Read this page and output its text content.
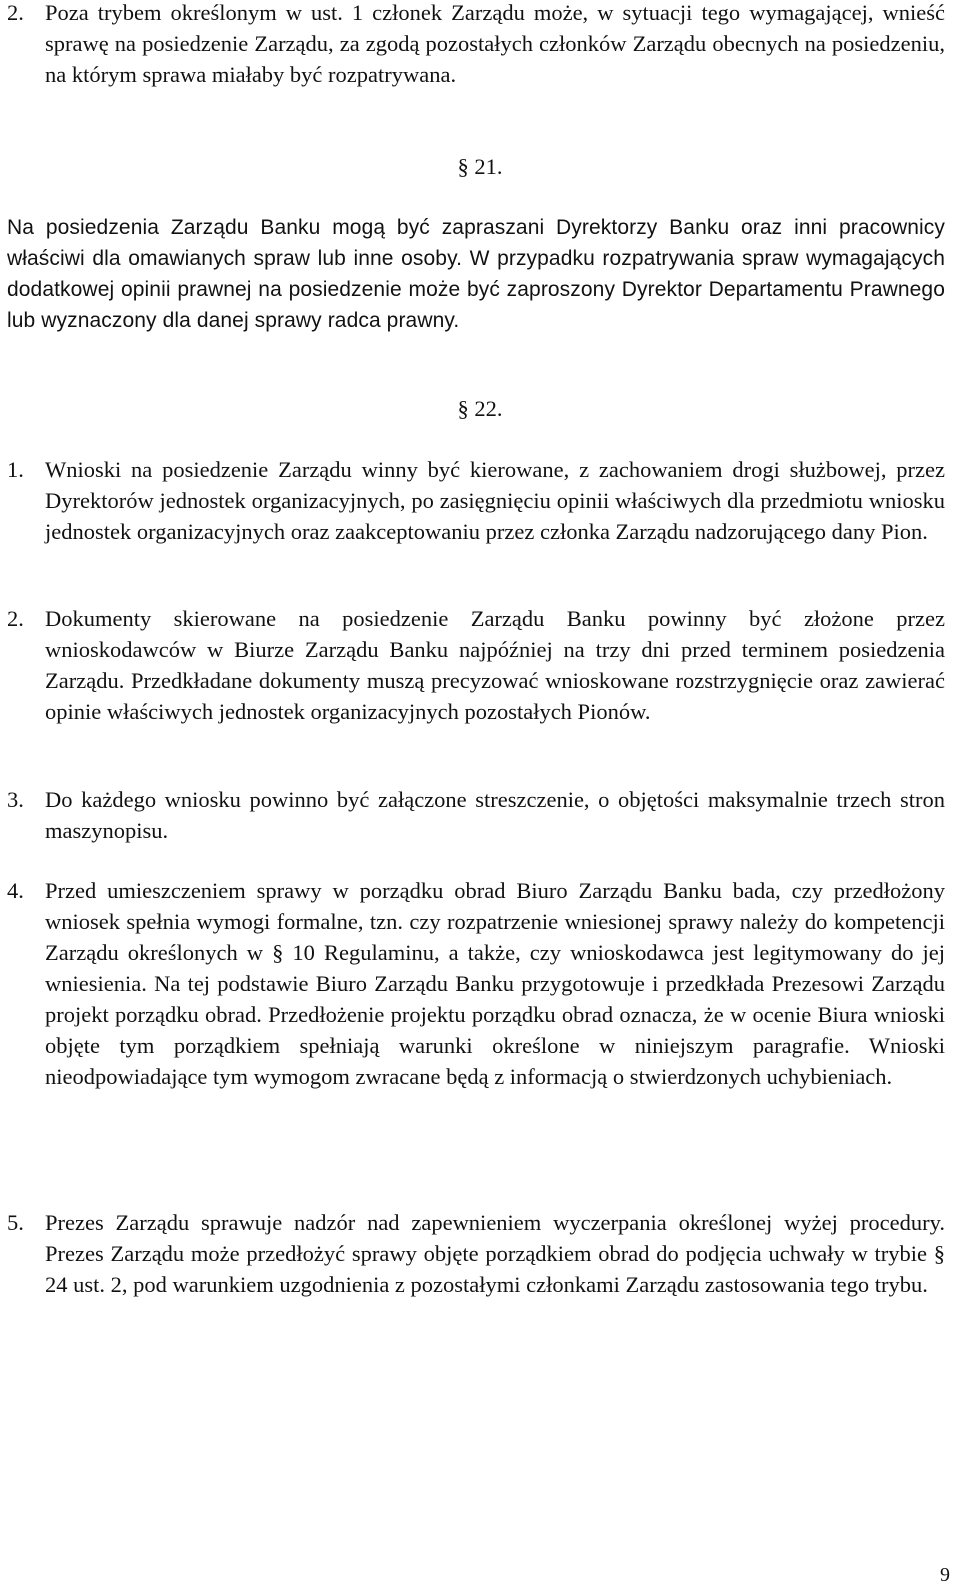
2. Poza trybem określonym w ust. 1 członek Zarządu może, w sytuacji tego wymagającej, wnieść sprawę na posiedzenie Zarządu, za zgodą pozostałych członków Zarządu obecnych na posiedzeniu, na którym sprawa miałaby być rozpatrywana.
§ 21.
Na posiedzenia Zarządu Banku mogą być zapraszani Dyrektorzy Banku oraz inni pracownicy właściwi dla omawianych spraw lub inne osoby. W przypadku rozpatrywania spraw wymagających dodatkowej opinii prawnej na posiedzenie może być zaproszony Dyrektor Departamentu Prawnego lub wyznaczony dla danej sprawy radca prawny.
§ 22.
1. Wnioski na posiedzenie Zarządu winny być kierowane, z zachowaniem drogi służbowej, przez Dyrektorów jednostek organizacyjnych, po zasięgnięciu opinii właściwych dla przedmiotu wniosku jednostek organizacyjnych oraz zaakceptowaniu przez członka Zarządu nadzorującego dany Pion.
2. Dokumenty skierowane na posiedzenie Zarządu Banku powinny być złożone przez wnioskodawców w Biurze Zarządu Banku najpóźniej na trzy dni przed terminem posiedzenia Zarządu. Przedkładane dokumenty muszą precyzować wnioskowane rozstrzygnięcie oraz zawierać opinie właściwych jednostek organizacyjnych pozostałych Pionów.
3. Do każdego wniosku powinno być załączone streszczenie, o objętości maksymalnie trzech stron maszynopisu.
4. Przed umieszczeniem sprawy w porządku obrad Biuro Zarządu Banku bada, czy przedłożony wniosek spełnia wymogi formalne, tzn. czy rozpatrzenie wniesionej sprawy należy do kompetencji Zarządu określonych w § 10 Regulaminu, a także, czy wnioskodawca jest legitymowany do jej wniesienia. Na tej podstawie Biuro Zarządu Banku przygotowuje i przedkłada Prezesowi Zarządu projekt porządku obrad. Przedłożenie projektu porządku obrad oznacza, że w ocenie Biura wnioski objęte tym porządkiem spełniają warunki określone w niniejszym paragrafie. Wnioski nieodpowiadające tym wymogom zwracane będą z informacją o stwierdzonych uchybieniach.
5. Prezes Zarządu sprawuje nadzór nad zapewnieniem wyczerpania określonej wyżej procedury. Prezes Zarządu może przedłożyć sprawy objęte porządkiem obrad do podjęcia uchwały w trybie § 24 ust. 2, pod warunkiem uzgodnienia z pozostałymi członkami Zarządu zastosowania tego trybu.
9
